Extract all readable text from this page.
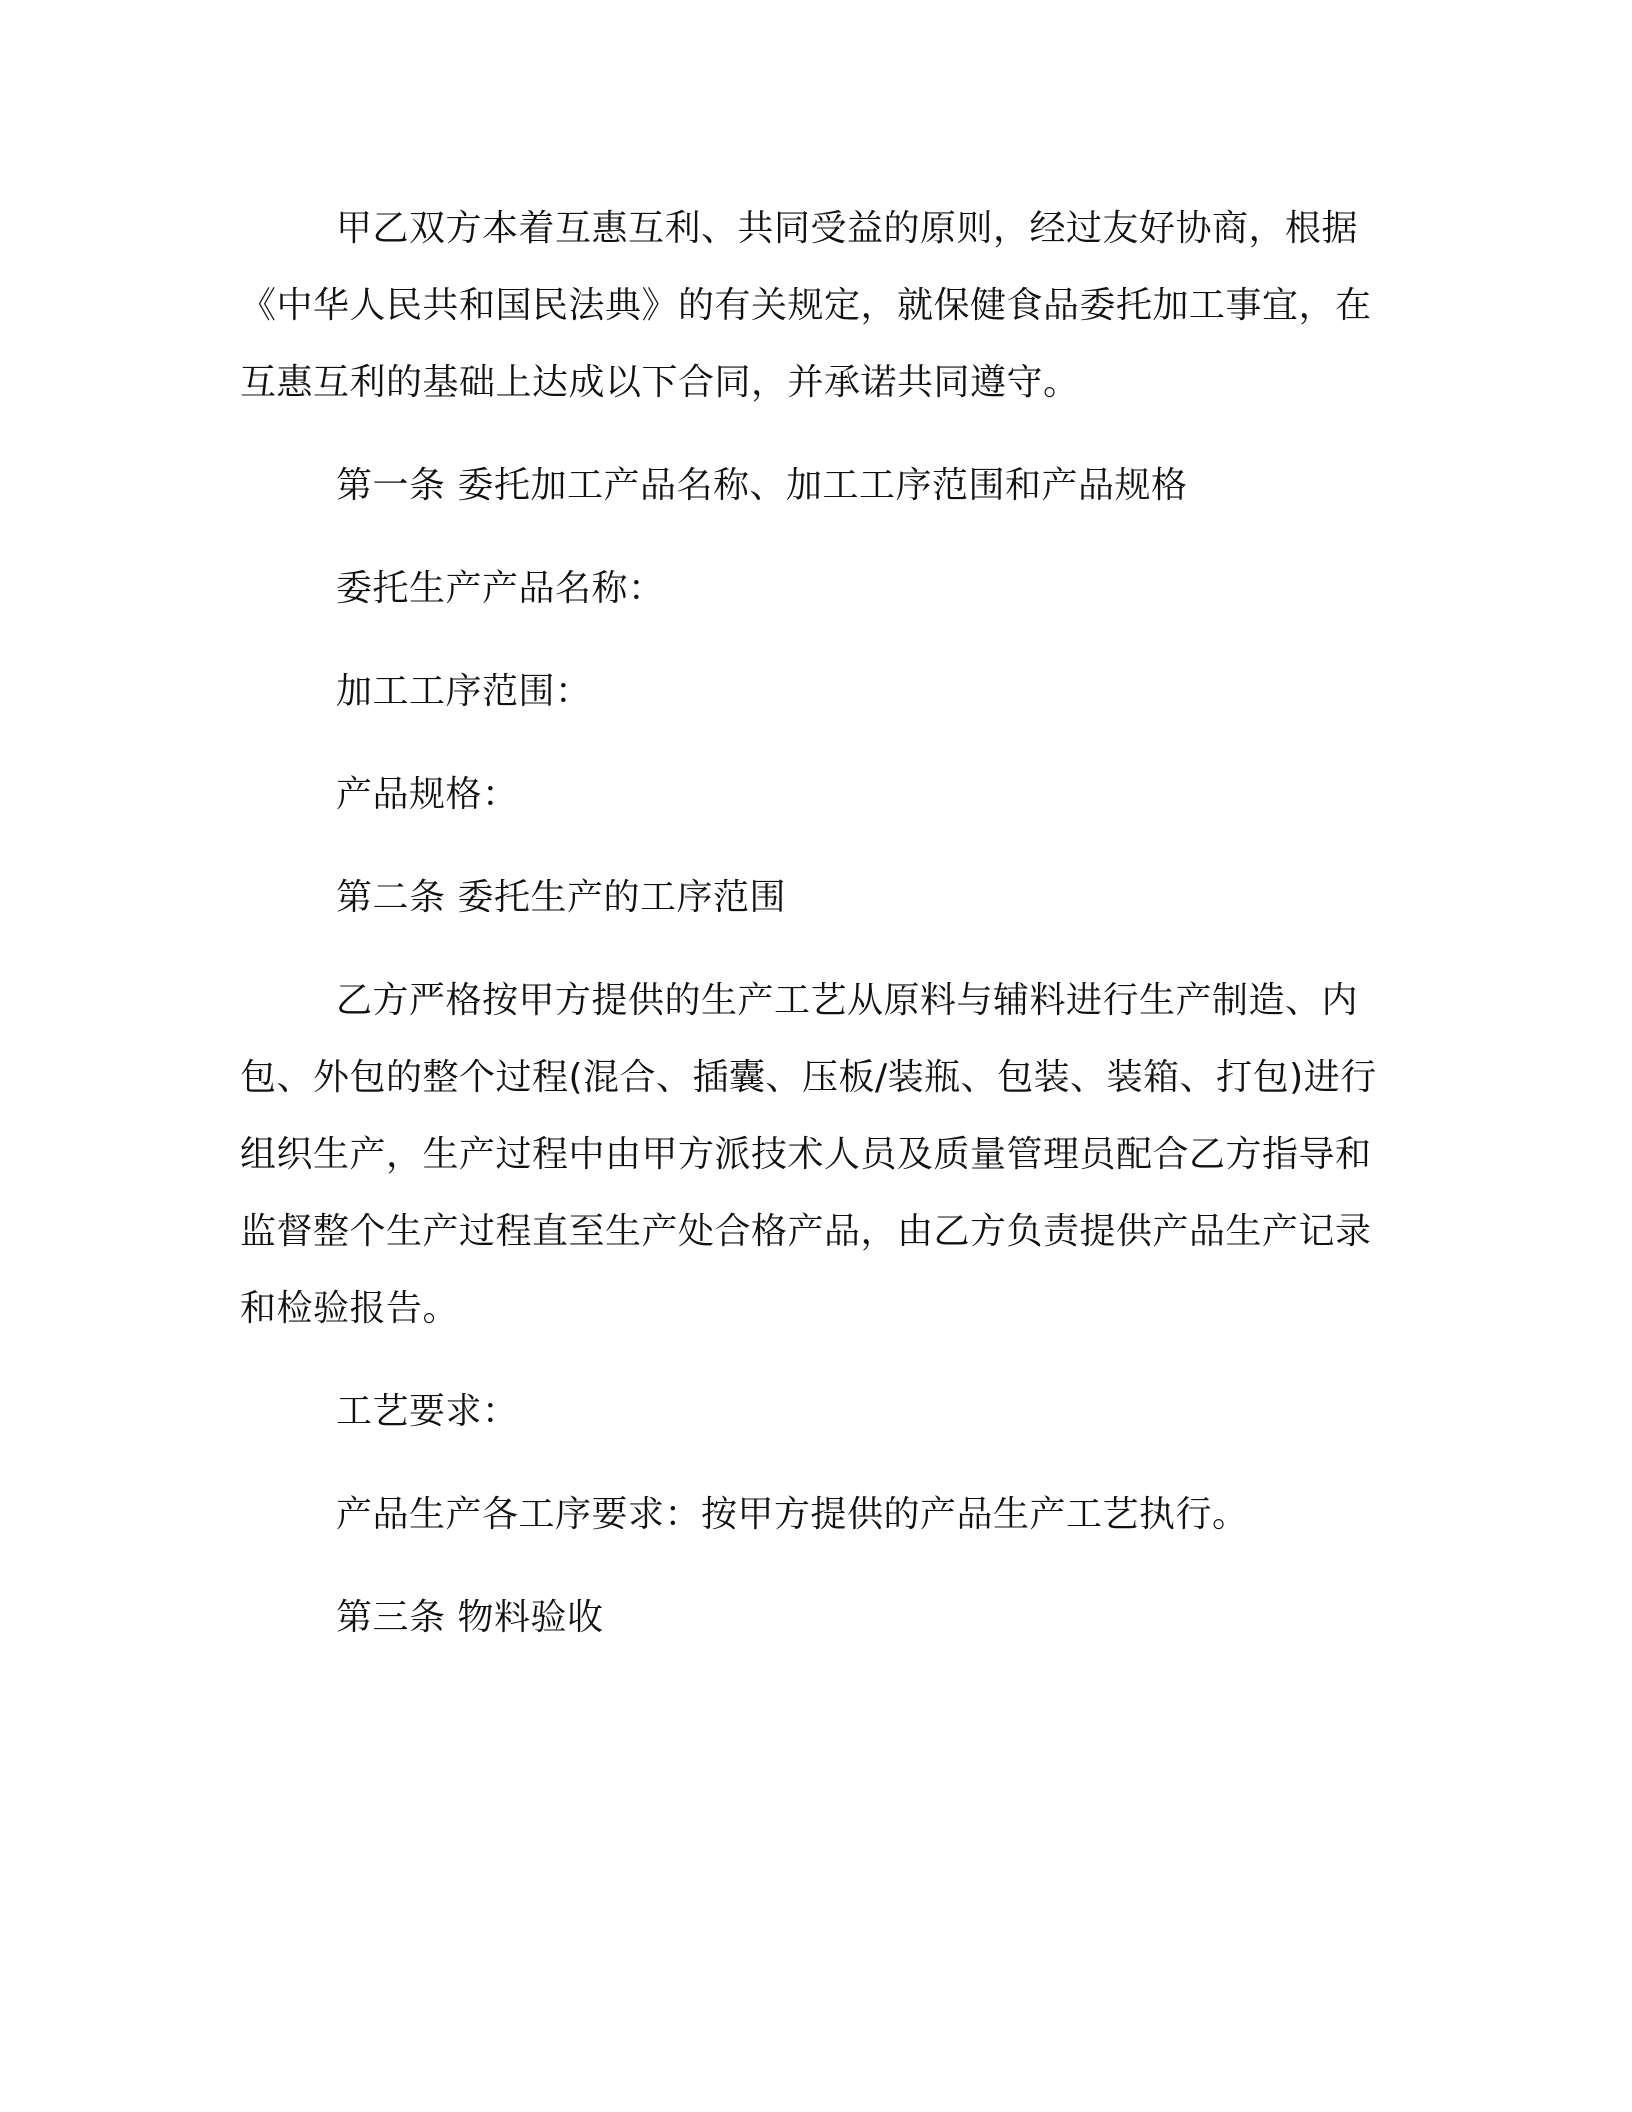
甲乙双方本着互惠互利、共同受益的原则，经过友好协商，根据《中华人民共和国民法典》的有关规定，就保健食品委托加工事宜，在互惠互利的基础上达成以下合同，并承诺共同遵守。

第一条 委托加工产品名称、加工工序范围和产品规格

委托生产产品名称：

加工工序范围：

产品规格：

第二条 委托生产的工序范围

乙方严格按甲方提供的生产工艺从原料与辅料进行生产制造、内包、外包的整个过程(混合、插囊、压板/装瓶、包装、装箱、打包)进行组织生产，生产过程中由甲方派技术人员及质量管理员配合乙方指导和监督整个生产过程直至生产处合格产品，由乙方负责提供产品生产记录和检验报告。

工艺要求：

产品生产各工序要求：按甲方提供的产品生产工艺执行。

第三条 物料验收
